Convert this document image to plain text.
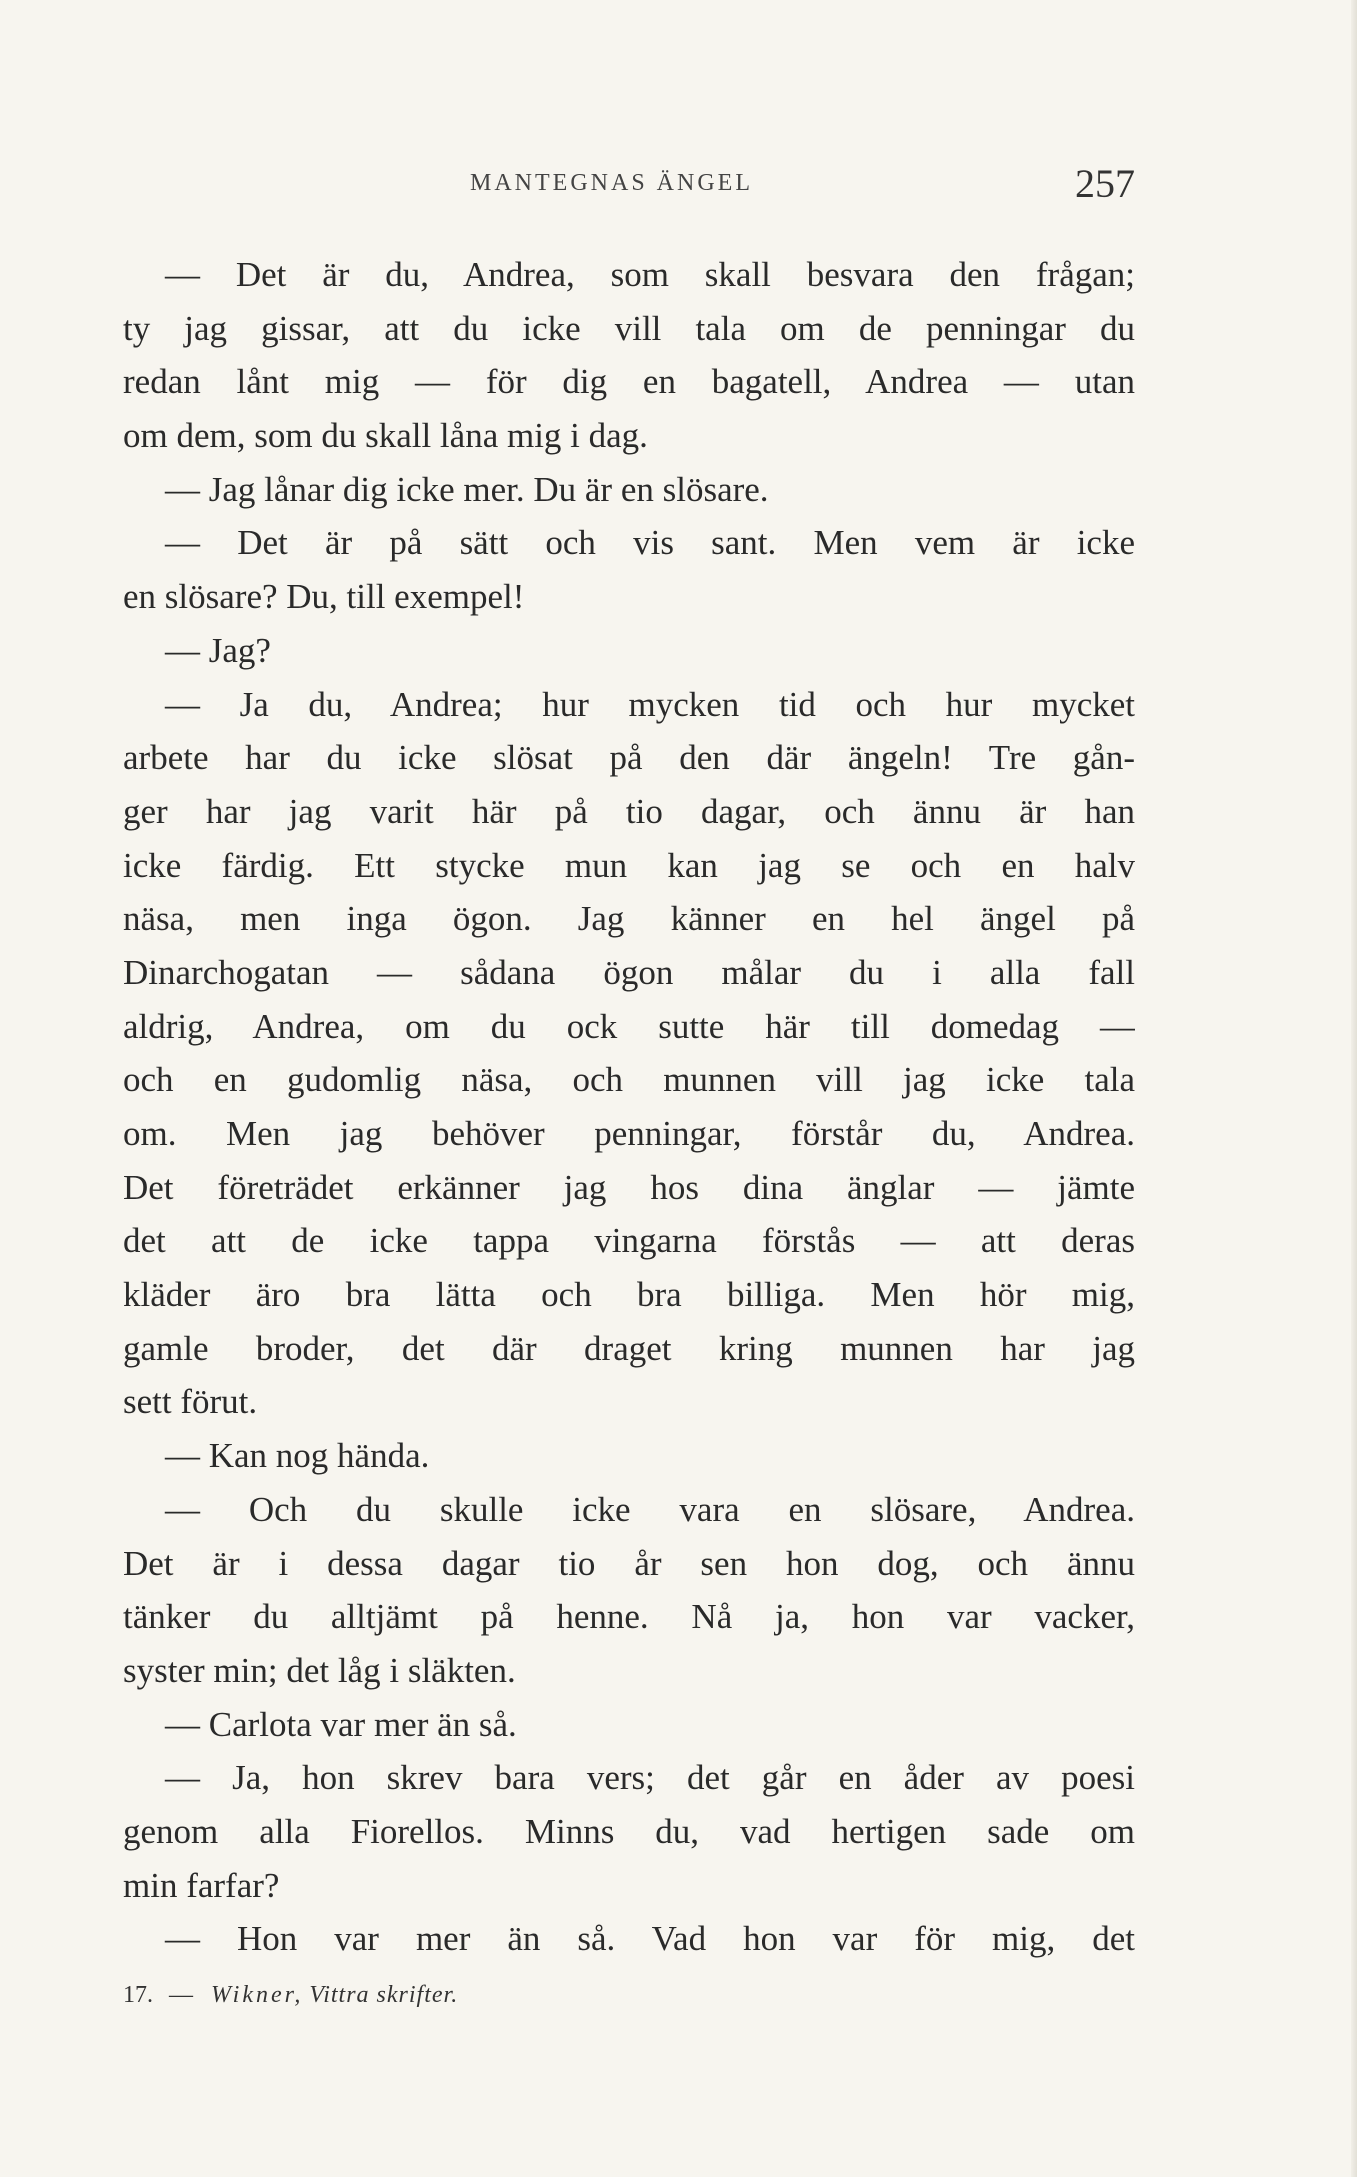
MANTEGNAS ÄNGEL	257
— Det är du, Andrea, som skall besvara den frågan;
ty jag gissar, att du icke vill tala om de penningar du
redan lånt mig — för dig en bagatell, Andrea — utan
om dem, som du skall låna mig i dag.
— Jag lånar dig icke mer. Du är en slösare.
— Det är på sätt och vis sant. Men vem är icke
en slösare? Du, till exempel!
— Jag?
— Ja du, Andrea; hur mycken tid och hur mycket
arbete har du icke slösat på den där ängeln! Tre gån-
ger har jag varit här på tio dagar, och ännu är han
icke färdig. Ett stycke mun kan jag se och en halv
näsa, men inga ögon. Jag känner en hel ängel på
Dinarchogatan — sådana ögon målar du i alla fall
aldrig, Andrea, om du ock sutte här till domedag —
och en gudomlig näsa, och munnen vill jag icke tala
om. Men jag behöver penningar, förstår du, Andrea.
Det företrädet erkänner jag hos dina änglar — jämte
det att de icke tappa vingarna förstås — att deras
kläder äro bra lätta och bra billiga. Men hör mig,
gamle broder, det där draget kring munnen har jag
sett förut.
— Kan nog hända.
— Och du skulle icke vara en slösare, Andrea.
Det är i dessa dagar tio år sen hon dog, och ännu
tänker du alltjämt på henne. Nå ja, hon var vacker,
syster min; det låg i släkten.
— Carlota var mer än så.
— Ja, hon skrev bara vers; det går en åder av poesi
genom alla Fiorellos. Minns du, vad hertigen sade om
min farfar?
— Hon var mer än så. Vad hon var för mig, det
17. — Wikner, Vittra skrifter.
